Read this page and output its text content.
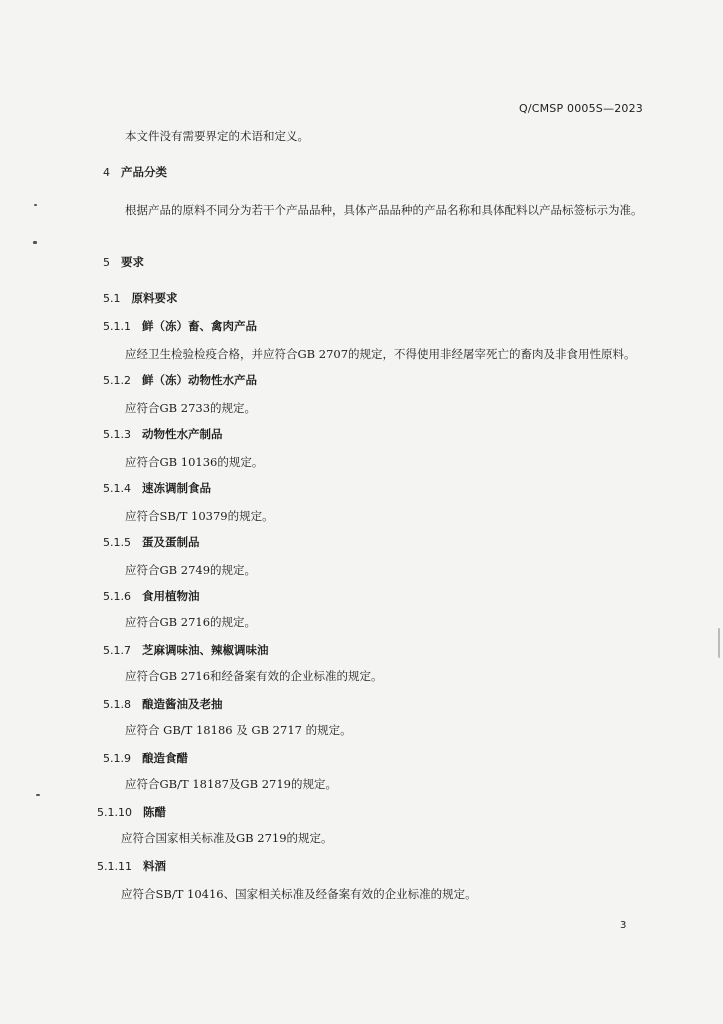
Q/CMSP 0005S—2023
本文件没有需要界定的术语和定义。
4 产品分类
根据产品的原料不同分为若干个产品品种，具体产品品种的产品名称和具体配料以产品标签标示为准。
5 要求
5.1 原料要求
5.1.1 鲜（冻）畜、禽肉产品
应经卫生检验检疫合格，并应符合GB 2707的规定，不得使用非经屠宰死亡的畜肉及非食用性原料。
5.1.2 鲜（冻）动物性水产品
应符合GB 2733的规定。
5.1.3 动物性水产制品
应符合GB 10136的规定。
5.1.4 速冻调制食品
应符合SB/T 10379的规定。
5.1.5 蛋及蛋制品
应符合GB 2749的规定。
5.1.6 食用植物油
应符合GB 2716的规定。
5.1.7 芝麻调味油、辣椒调味油
应符合GB 2716和经备案有效的企业标准的规定。
5.1.8 酿造酱油及老抽
应符合 GB/T 18186 及 GB 2717 的规定。
5.1.9 酿造食醋
应符合GB/T 18187及GB 2719的规定。
5.1.10 陈醋
应符合国家相关标准及GB 2719的规定。
5.1.11 料酒
应符合SB/T 10416、国家相关标准及经备案有效的企业标准的规定。
3
